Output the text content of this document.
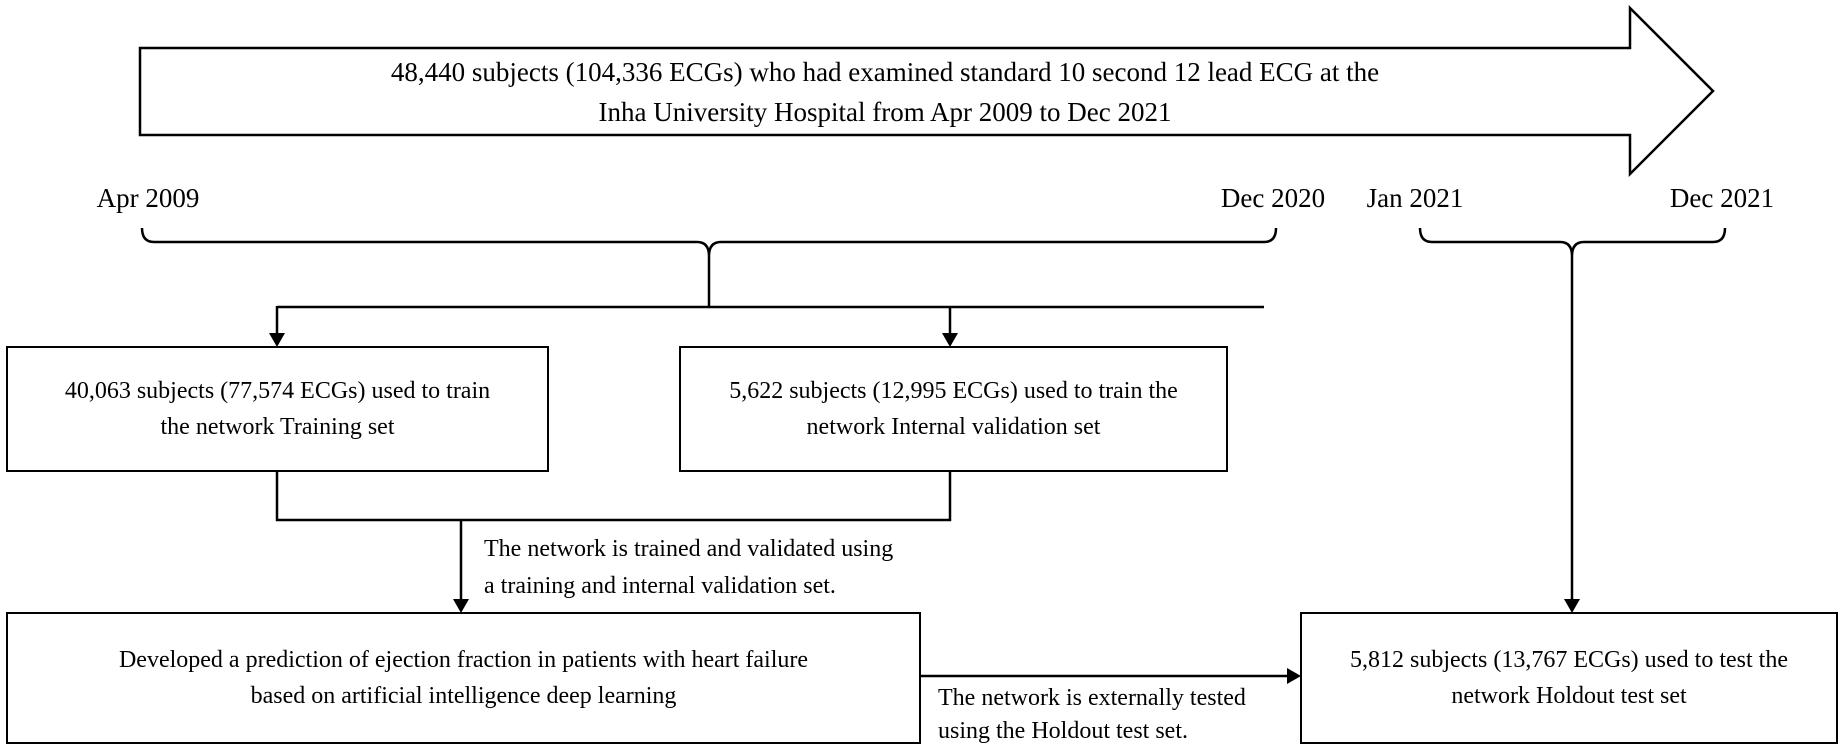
48,440 subjects (104,336 ECGs) who had examined standard 10 second 12 lead ECG at the
Inha University Hospital from Apr 2009 to Dec 2021
Apr 2009	Dec 2020 Jan 2021	Dec 2021
40,063 subjects (77,574 ECGs) used to train
the network Training set
5,622 subjects (12,995 ECGs) used to train the
network Internal validation set
Developed a prediction of ejection fraction in patients with heart failure
based on artificial intelligence deep learning
5,812 subjects (13,767 ECGs) used to test the
network Holdout test set
The network is trained and validated using
a training and internal validation set.
The network is externally tested
using the Holdout test set.
